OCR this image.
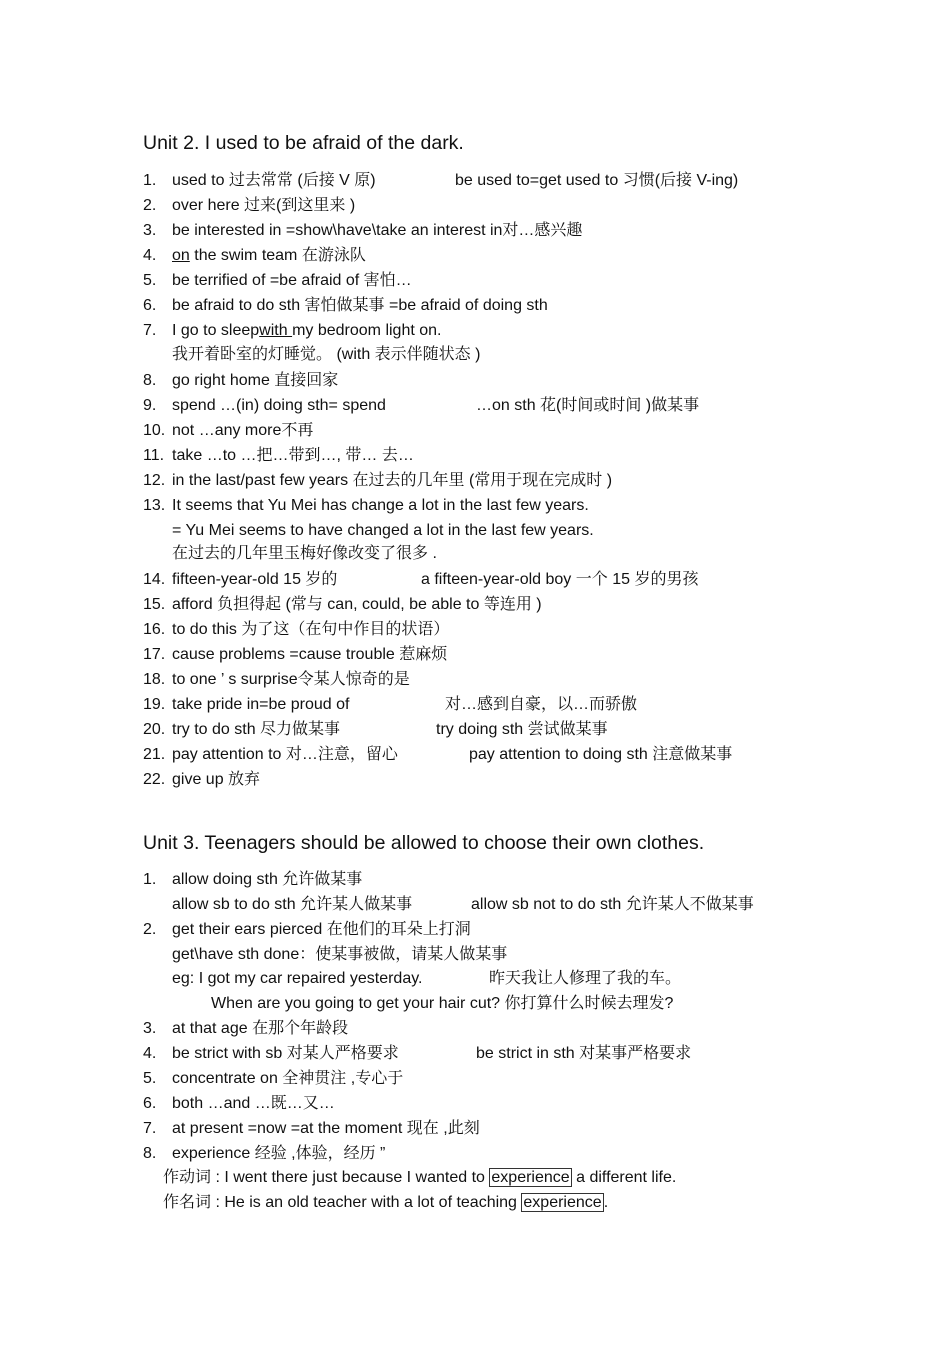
Unit 2. I used to be afraid of the dark.
1. used to 过去常常 (后接 V 原)	be used to=get used to 习惯(后接 V-ing)
2. over here 过来(到这里来 )
3. be interested in =show\have\take an interest in对…感兴趣
4. on the swim team 在游泳队
5. be terrified of =be afraid of 害怕…
6. be afraid to do sth 害怕做某事 =be afraid of doing sth
7. I go to sleepwith my bedroom light on.
我开着卧室的灯睡觉。 (with 表示伴随状态 )
8. go right home 直接回家
9. spend …(in) doing sth= spend	…on sth 花(时间或时间 )做某事
10. not …any more不再
11. take …to …把…带到…, 带… 去…
12. in the last/past few years 在过去的几年里 (常用于现在完成时 )
13. It seems that Yu Mei has change a lot in the last few years.
= Yu Mei seems to have changed a lot in the last few years.
在过去的几年里玉梅好像改变了很多 .
14. fifteen-year-old 15 岁的	a fifteen-year-old boy 一个 15 岁的男孩
15. afford 负担得起 (常与 can, could, be able to 等连用 )
16. to do this 为了这（在句中作目的状语）
17. cause problems =cause trouble 惹麻烦
18. to one ’ s surprise令某人惊奇的是
19. take pride in=be proud of	对…感到自豪，以…而骄傲
20. try to do sth 尽力做某事	try doing sth 尝试做某事
21. pay attention to 对…注意，留心	pay attention to doing sth 注意做某事
22. give up 放弃
Unit 3. Teenagers should be allowed to choose their own clothes.
1. allow doing sth 允许做某事
allow sb to do sth 允许某人做某事	allow sb not to do sth 允许某人不做某事
2. get their ears pierced 在他们的耳朵上打洞
get\have sth done：使某事被做，请某人做某事
eg: I got my car repaired yesterday.	昨天我让人修理了我的车。
When are you going to get your hair cut? 你打算什么时候去理发?
3. at that age 在那个年龄段
4. be strict with sb 对某人严格要求	be strict in sth 对某事严格要求
5. concentrate on 全神贯注 ,专心于
6. both …and …既…又…
7. at present =now =at the moment 现在 ,此刻
8. experience 经验 ,体验，经历 ”
作动词 : I went there just because I wanted to experience a different life.
作名词 : He is an old teacher with a lot of teaching experience .
